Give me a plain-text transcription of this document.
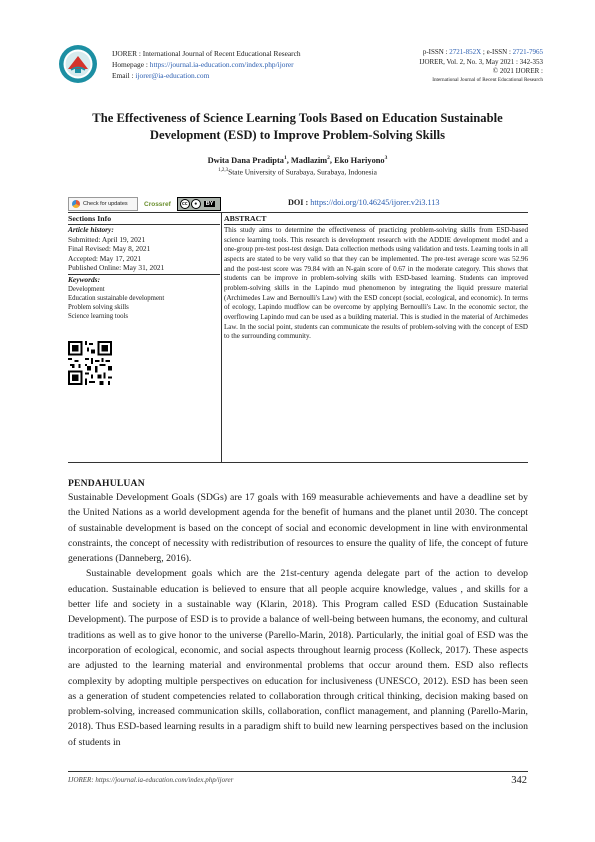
IJORER : International Journal of Recent Educational Research
Homepage : https://journal.ia-education.com/index.php/ijorer
Email : ijorer@ia-education.com
p-ISSN : 2721-852X ; e-ISSN : 2721-7965
IJORER, Vol. 2, No. 3, May 2021 : 342-353
© 2021 IJORER :
International Journal of Recent Educational Research
The Effectiveness of Science Learning Tools Based on Education Sustainable Development (ESD) to Improve Problem-Solving Skills
Dwita Dana Pradipta$^1$, Madlazim$^2$, Eko Hariyono$^3$
$^{1,2,3}$State University of Surabaya, Surabaya, Indonesia
Check for updates	Crossref	cc	●	BY	DOI : https://doi.org/10.46245/ijorer.v2i3.113
Sections Info
Article history:
Submitted: April 19, 2021
Final Revised: May 8, 2021
Accepted: May 17, 2021
Published Online: May 31, 2021
Keywords:
Development
Education sustainable development
Problem solving skills
Science learning tools
ABSTRACT
This study aims to determine the effectiveness of practicing problem-solving skills from ESD-based science learning tools. This research is development research with the ADDIE development model and a one-group pre-test post-test design. Data collection methods using validation and tests. Learning tools in all aspects are stated to be very valid so that they can be implemented. The pre-test average score was 52.96 and the post-test score was 79.84 with an N-gain score of 0.67 in the moderate category. This shows that students can be improve in problem-solving skills with ESD-based learning. Students can improved problem-solving skills in the Lapindo mud phenomenon by integrating the liquid pressure material (Archimedes Law and Bernoulli's Law) with the ESD concept (social, ecological, and economic). In terms of ecology, Lapindo mudflow can be overcome by applying Bernoulli's Law. In the economic sector, the overflowing Lapindo mud can be used as a building material. This is studied in the material of Archimedes Law. In the social point, students can communicate the results of problem-solving with the concept of ESD to the surrounding community.
PENDAHULUAN

Sustainable Development Goals (SDGs) are 17 goals with 169 measurable achievements and have a deadline set by the United Nations as a world development agenda for the benefit of humans and the planet until 2030. The concept of sustainable development is based on the concept of social and economic development in line with environmental constraints, the concept of necessity with redistribution of resources to ensure the quality of life, the concept of future generations (Danneberg, 2016).

Sustainable development goals which are the 21st-century agenda delegate part of the action to develop education. Sustainable education is believed to ensure that all people acquire knowledge, values , and skills for a better life and society in a sustainable way (Klarin, 2018). This Program called ESD (Education Sustainable Development). The purpose of ESD is to provide a balance of well-being between humans, the economy, and cultural traditions as well as to give honor to the universe (Parello-Marin, 2018). Particularly, the initial goal of ESD was the incorporation of ecological, economic, and social aspects throughout learnig process (Kolleck, 2017). These aspects are adjusted to the learning material and environmental problems that occur around them. ESD also reflects complexity by adopting multiple perspectives on education for inclusiveness (UNESCO, 2012). ESD has been seen as a generation of student competencies related to collaboration through critical thinking, decision making based on problem-solving, increased communication skills, collaboration, conflict management, and planning (Parello-Marin, 2018). Thus ESD-based learning results in a paradigm shift to build new learning perspectives based on the inclusion of students in

IJORER: https://journal.ia-education.com/index.php/ijorer	342
